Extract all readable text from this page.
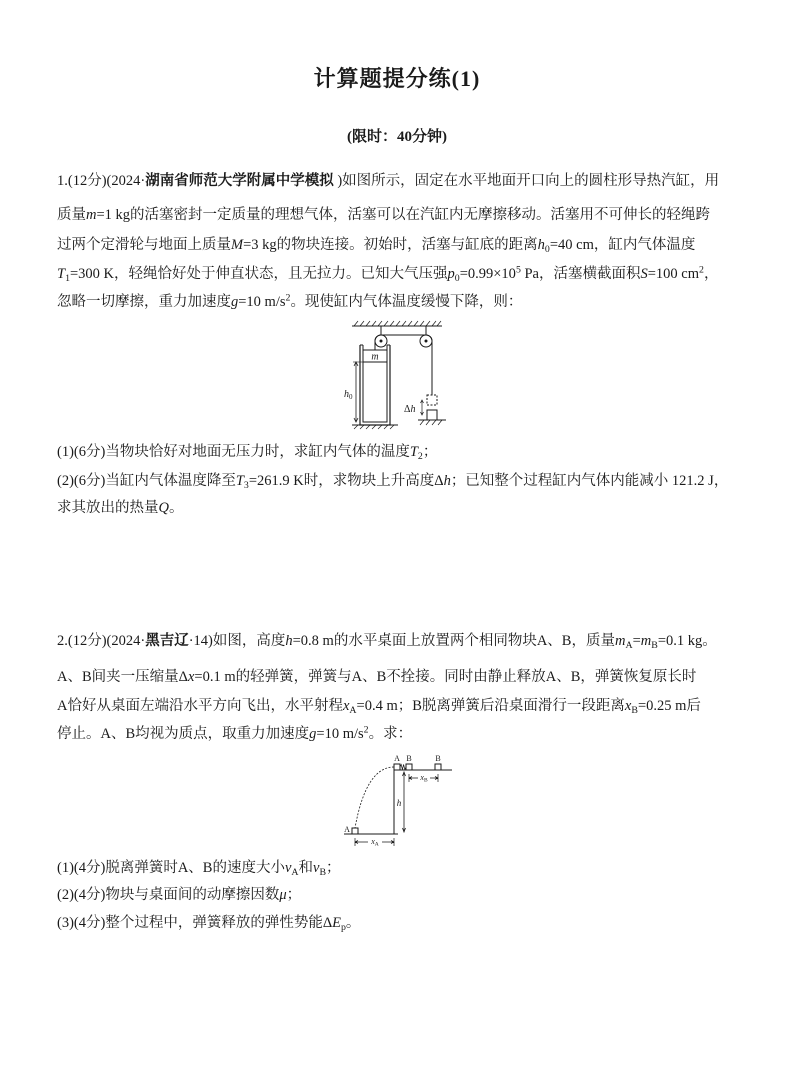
计算题提分练(1)
(限时：40分钟)
1.(12分)(2024·湖南省师范大学附属中学模拟 )如图所示，固定在水平地面开口向上的圆柱形导热汽缸，用
质量m=1 kg的活塞密封一定质量的理想气体，活塞可以在汽缸内无摩擦移动。活塞用不可伸长的轻绳跨
过两个定滑轮与地面上质量M=3 kg的物块连接。初始时，活塞与缸底的距离$h_0=40$ cm，缸内气体温度
$T_1=300$ K，轻绳恰好处于伸直状态，且无拉力。已知大气压强$p_0=0.99\times 10^5$ Pa，活塞横截面积S=100 $cm^2$，
忽略一切摩擦，重力加速度g=10 $m/s^2$。现使缸内气体温度缓慢下降，则：
m
$h_0$
Δh
(1)(6分)当物块恰好对地面无压力时，求缸内气体的温度$T_2$；
(2)(6分)当缸内气体温度降至$T_3=261.9$ K时，求物块上升高度Δh；已知整个过程缸内气体内能减小 121.2 J，
求其放出的热量Q。
2.(12分)(2024·黑吉辽·14)如图，高度h=0.8 m的水平桌面上放置两个相同物块A、B，质量$m_A=m_B=0.1$ kg。
A、B间夹一压缩量Δx=0.1 m的轻弹簧，弹簧与A、B不拴接。同时由静止释放A、B，弹簧恢复原长时
A恰好从桌面左端沿水平方向飞出，水平射程$x_A=0.4$ m；B脱离弹簧后沿桌面滑行一段距离$x_B=0.25$ m后
停止。A、B均视为质点，取重力加速度g=10 $m/s^2$。求：
A B	B
xB
h
A
xA
(1)(4分)脱离弹簧时A、B的速度大小$v_A$和$v_B$；
(2)(4分)物块与桌面间的动摩擦因数μ；
(3)(4分)整个过程中，弹簧释放的弹性势能$\Delta E_p$。
